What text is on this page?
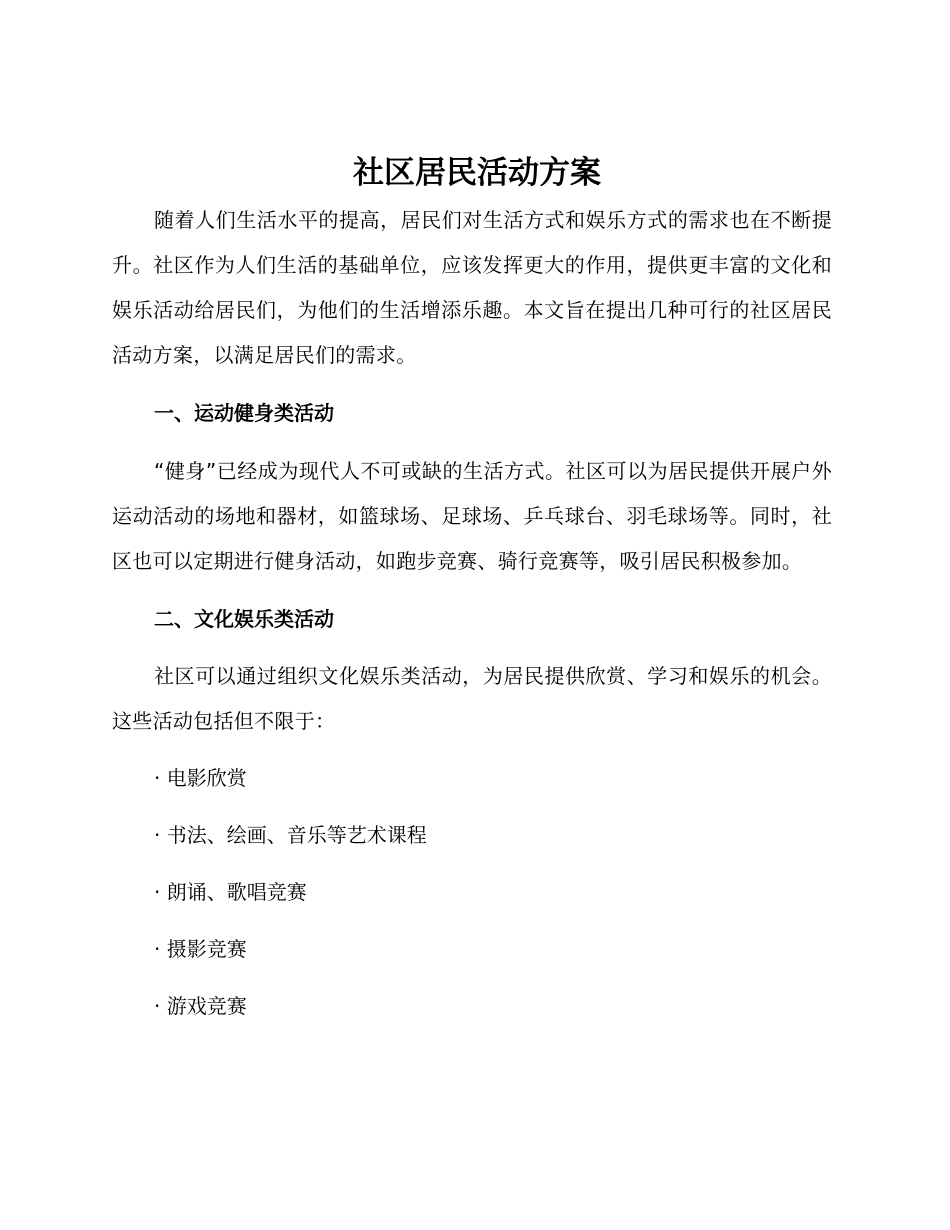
社区居民活动方案

随着人们生活水平的提高，居民们对生活方式和娱乐方式的需求也在不断提升。社区作为人们生活的基础单位，应该发挥更大的作用，提供更丰富的文化和娱乐活动给居民们，为他们的生活增添乐趣。本文旨在提出几种可行的社区居民活动方案，以满足居民们的需求。

一、运动健身类活动

“健身”已经成为现代人不可或缺的生活方式。社区可以为居民提供开展户外运动活动的场地和器材，如篮球场、足球场、乒乓球台、羽毛球场等。同时，社区也可以定期进行健身活动，如跑步竞赛、骑行竞赛等，吸引居民积极参加。

二、文化娱乐类活动

社区可以通过组织文化娱乐类活动，为居民提供欣赏、学习和娱乐的机会。这些活动包括但不限于：

· 电影欣赏

· 书法、绘画、音乐等艺术课程

· 朗诵、歌唱竞赛

· 摄影竞赛

· 游戏竞赛
